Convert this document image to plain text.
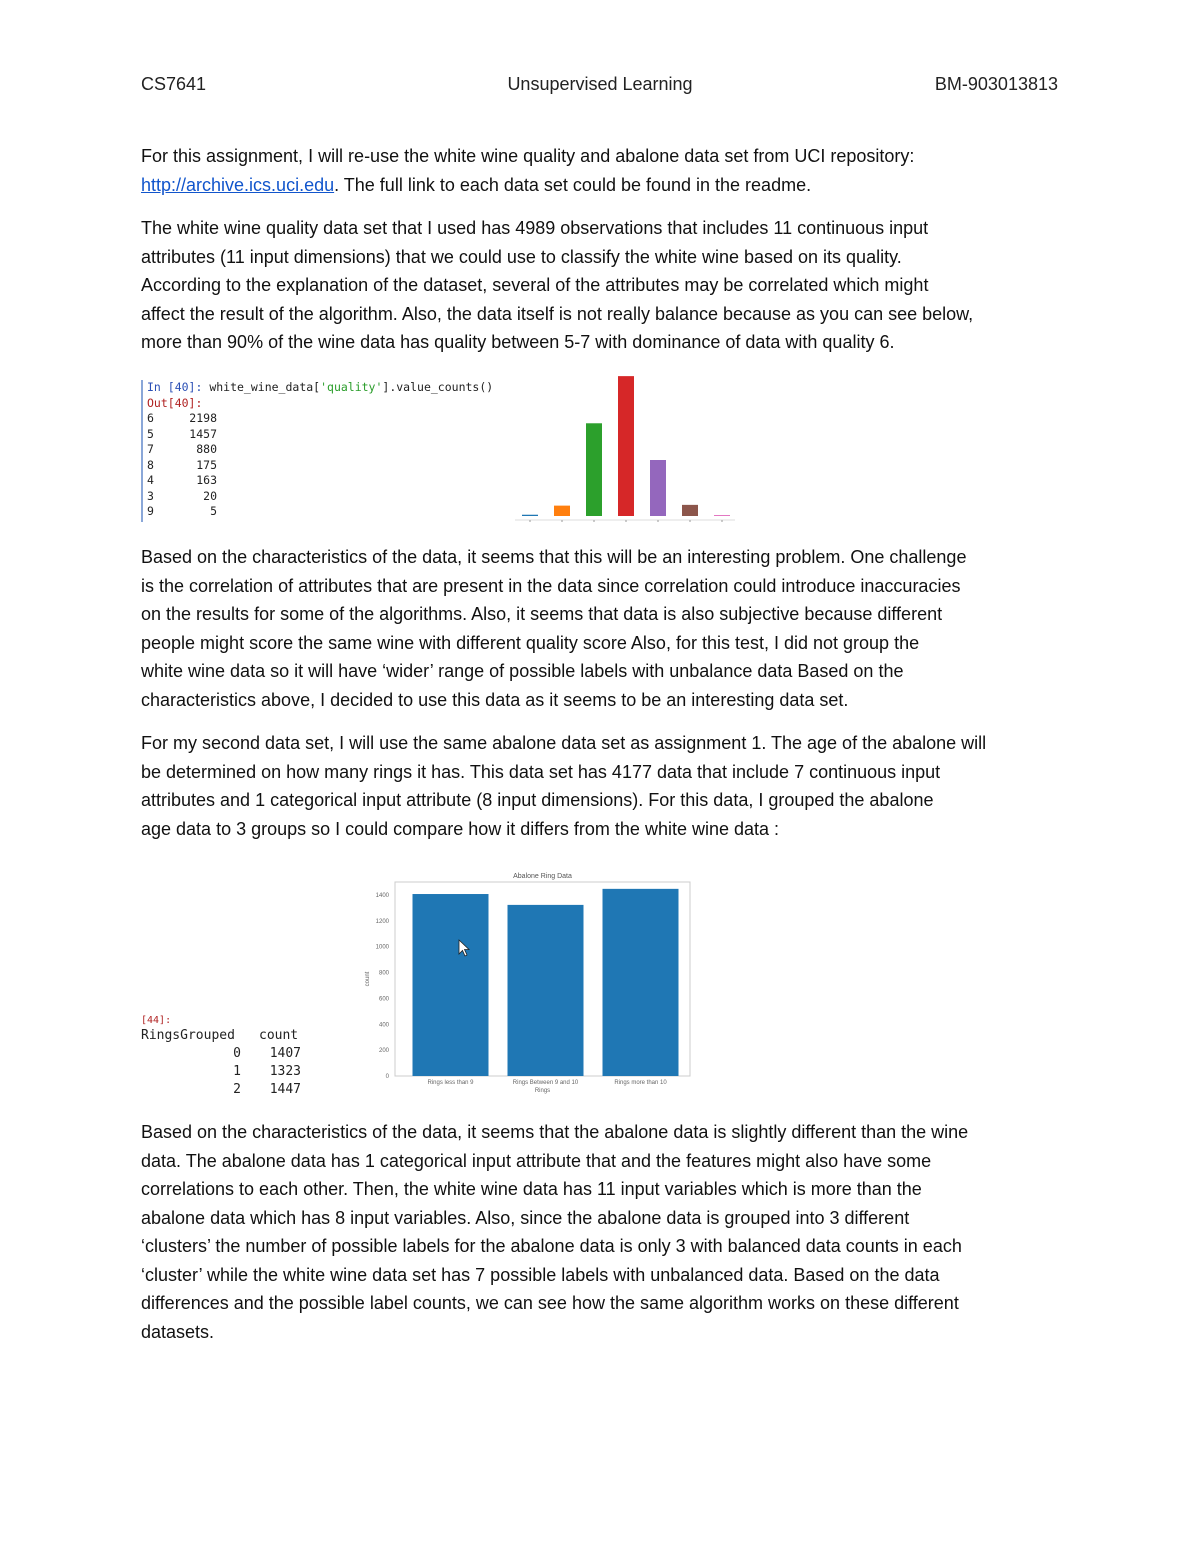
CS7641	Unsupervised Learning	BM-903013813

For this assignment, I will re-use the white wine quality and abalone data set from UCI repository:
http://archive.ics.uci.edu. The full link to each data set could be found in the readme.

The white wine quality data set that I used has 4989 observations that includes 11 continuous input
attributes (11 input dimensions) that we could use to classify the white wine based on its quality.
According to the explanation of the dataset, several of the attributes may be correlated which might
affect the result of the algorithm. Also, the data itself is not really balance because as you can see below,
more than 90% of the wine data has quality between 5-7 with dominance of data with quality 6.

In [40]: white_wine_data['quality'].value_counts()
Out[40]:
6	2198
5	1457
7	880
8	175
4	163
3	20
9	5

Based on the characteristics of the data, it seems that this will be an interesting problem. One challenge
is the correlation of attributes that are present in the data since correlation could introduce inaccuracies
on the results for some of the algorithms. Also, it seems that data is also subjective because different
people might score the same wine with different quality score Also, for this test, I did not group the
white wine data so it will have ‘wider’ range of possible labels with unbalance data Based on the
characteristics above, I decided to use this data as it seems to be an interesting data set.

For my second data set, I will use the same abalone data set as assignment 1. The age of the abalone will
be determined on how many rings it has. This data set has 4177 data that include 7 continuous input
attributes and 1 categorical input attribute (8 input dimensions). For this data, I grouped the abalone
age data to 3 groups so I could compare how it differs from the white wine data :

[44]:
RingsGrouped count
0 1407
1 1323
2 1447
Abalone Ring Data
0
200
400
600
800
1000
1200
1400
count
Rings less than 9	Rings Between 9 and 10	Rings more than 10
Rings

Based on the characteristics of the data, it seems that the abalone data is slightly different than the wine
data. The abalone data has 1 categorical input attribute that and the features might also have some
correlations to each other. Then, the white wine data has 11 input variables which is more than the
abalone data which has 8 input variables. Also, since the abalone data is grouped into 3 different
‘clusters’ the number of possible labels for the abalone data is only 3 with balanced data counts in each
‘cluster’ while the white wine data set has 7 possible labels with unbalanced data. Based on the data
differences and the possible label counts, we can see how the same algorithm works on these different
datasets.
